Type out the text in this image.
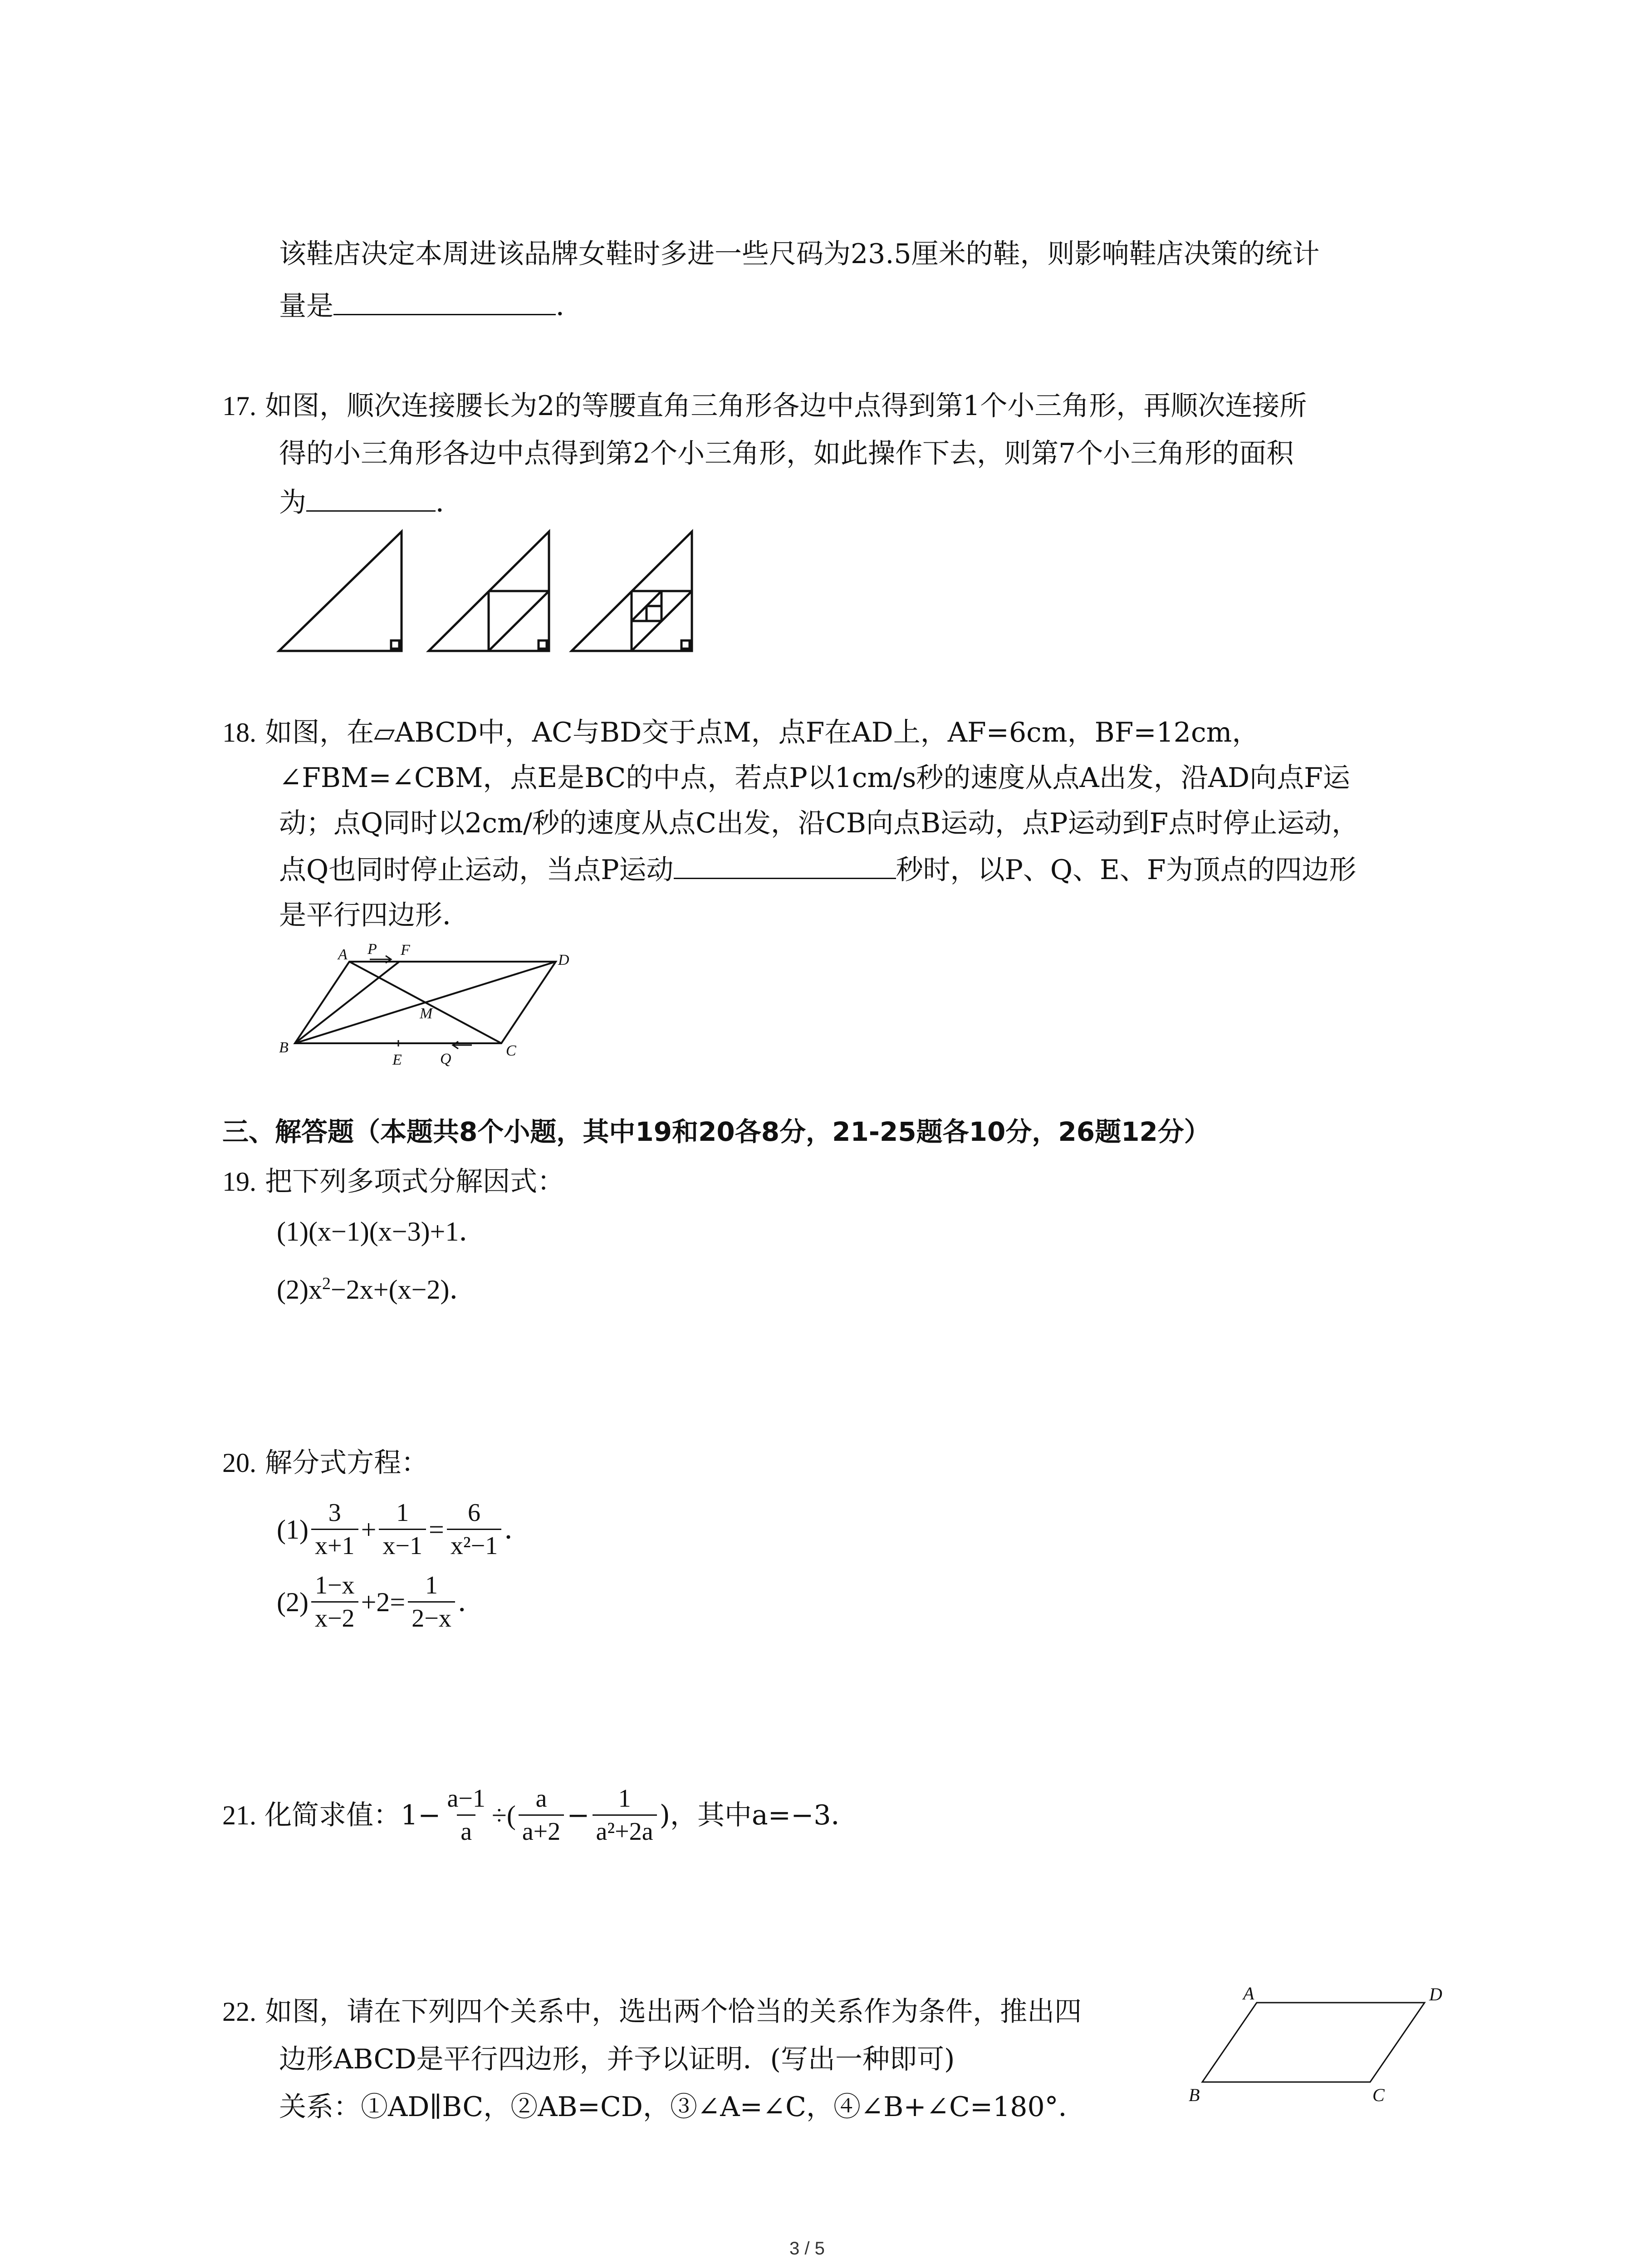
该鞋店决定本周进该品牌女鞋时多进一些尺码为23.5厘米的鞋，则影响鞋店决策的统计
量是	．
17. 如图，顺次连接腰长为2的等腰直角三角形各边中点得到第1个小三角形，再顺次连接所
得的小三角形各边中点得到第2个小三角形，如此操作下去，则第7个小三角形的面积
为	．
18. 如图，在▱ABCD中，AC与BD交于点M，点F在AD上，AF=6cm，BF=12cm，
∠FBM=∠CBM，点E是BC的中点，若点P以1cm/s秒的速度从点A出发，沿AD向点F运
动；点Q同时以2cm/秒的速度从点C出发，沿CB向点B运动，点P运动到F点时停止运动，
点Q也同时停止运动，当点P运动	秒时，以P、Q、E、F为顶点的四边形
是平行四边形．
A P F
D
M
B
E Q	C
三、解答题（本题共8个小题，其中19和20各8分，21-25题各10分，26题12分）
19. 把下列多项式分解因式：
(1)(x−1)(x−3)+1．
$(2)x^2-2x+(x-2)$．
20. 解分式方程：
$(1) \frac{3}{x+1} + \frac{1}{x-1} = \frac{6}{\text{x²−1}}$ ．
$(2) \frac{1-x}{x-2} +2= \frac{1}{2-x}$ ．
21. 化简求值：$1- \frac{a-1}{a}$ ÷( $\frac{a}{a+2} - \frac{1}{\text{a²+2a}}$ )，其中a=−3．
22. 如图，请在下列四个关系中，选出两个恰当的关系作为条件，推出四
边形ABCD是平行四边形，并予以证明．(写出一种即可)
关系：①AD∥BC，②AB=CD，③∠A=∠C，④∠B+∠C=180°．
A	D
B	C
3 / 5
